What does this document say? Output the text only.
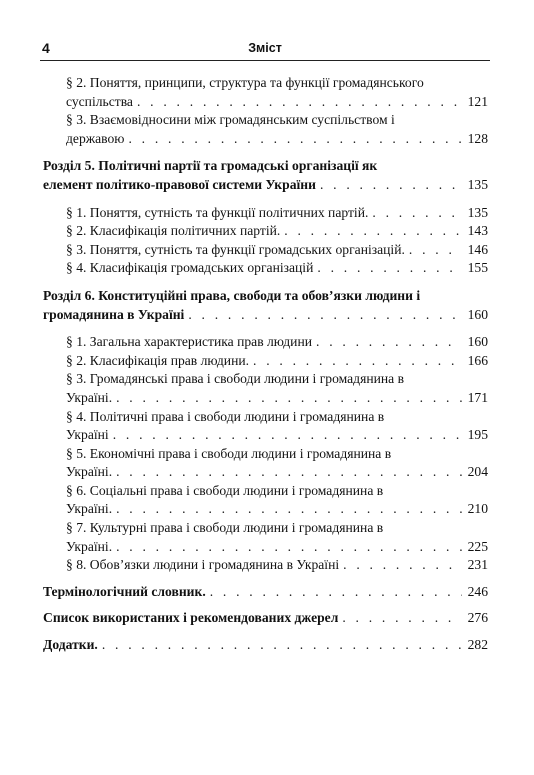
4	Зміст
§ 2. Поняття, принципи, структура та функції громадянського
суспільства . . .	121
§ 3. Взаємовідносини між громадянським суспільством і
державою . . .	128
Розділ 5. Політичні партії та громадські організації як
елемент політико-правової системи України . . .	135
§ 1. Поняття, сутність та функції політичних партій. . . .	135
§ 2. Класифікація політичних партій. . . .	143
§ 3. Поняття, сутність та функції громадських організацій. . . .	146
§ 4. Класифікація громадських організацій . . .	155
Розділ 6. Конституційні права, свободи та обов’язки людини і
громадянина в Україні . . .	160
§ 1. Загальна характеристика прав людини . . .	160
§ 2. Класифікація прав людини. . . .	166
§ 3. Громадянські права і свободи людини і громадянина в
Україні. . . .	171
§ 4. Політичні права і свободи людини і громадянина в
Україні . . .	195
§ 5. Економічні права і свободи людини і громадянина в
Україні. . . .	204
§ 6. Соціальні права і свободи людини і громадянина в
Україні. . . .	210
§ 7. Культурні права і свободи людини і громадянина в
Україні. . . .	225
§ 8. Обов’язки людини і громадянина в Україні . . .	231
Термінологічний словник. . . .	246
Список використаних і рекомендованих джерел . . .	276
Додатки. . . .	282
